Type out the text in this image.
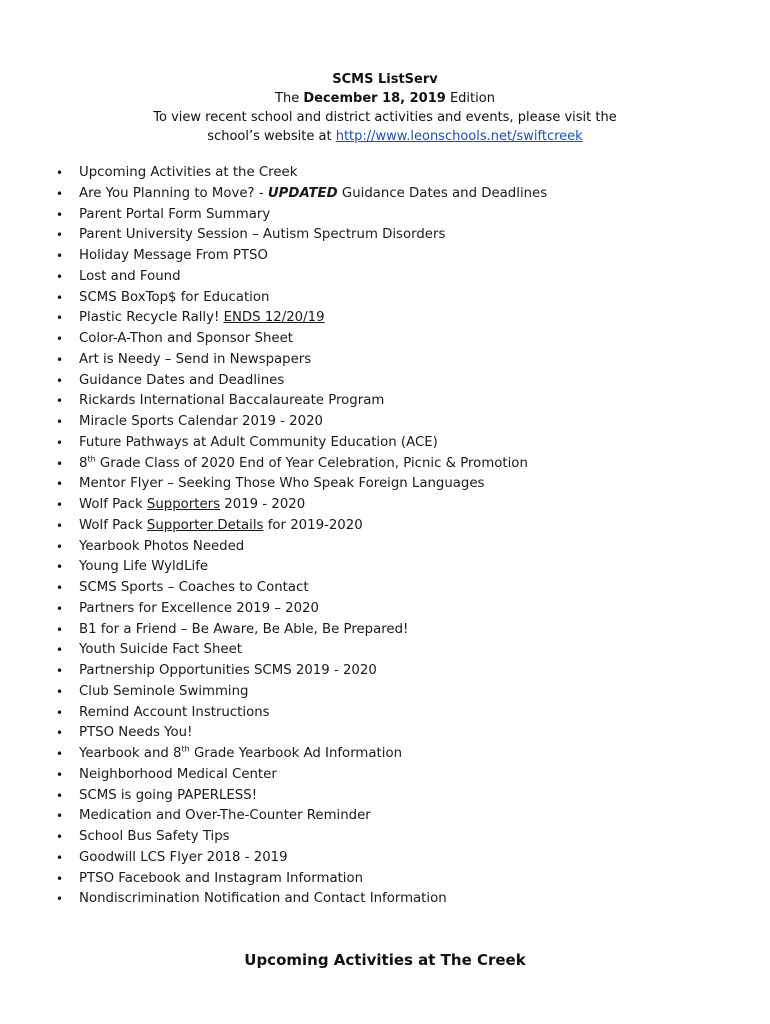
SCMS ListServ
The December 18, 2019 Edition
To view recent school and district activities and events, please visit the
school’s website at http://www.leonschools.net/swiftcreek
• Upcoming Activities at the Creek
• Are You Planning to Move? - UPDATED Guidance Dates and Deadlines
• Parent Portal Form Summary
• Parent University Session – Autism Spectrum Disorders
• Holiday Message From PTSO
• Lost and Found
• SCMS BoxTop$ for Education
• Plastic Recycle Rally! ENDS 12/20/19
• Color-A-Thon and Sponsor Sheet
• Art is Needy – Send in Newspapers
• Guidance Dates and Deadlines
• Rickards International Baccalaureate Program
• Miracle Sports Calendar 2019 - 2020
• Future Pathways at Adult Community Education (ACE)
• 8th Grade Class of 2020 End of Year Celebration, Picnic & Promotion
• Mentor Flyer – Seeking Those Who Speak Foreign Languages
• Wolf Pack Supporters 2019 - 2020
• Wolf Pack Supporter Details for 2019-2020
• Yearbook Photos Needed
• Young Life WyldLife
• SCMS Sports – Coaches to Contact
• Partners for Excellence 2019 – 2020
• B1 for a Friend – Be Aware, Be Able, Be Prepared!
• Youth Suicide Fact Sheet
• Partnership Opportunities SCMS 2019 - 2020
• Club Seminole Swimming
• Remind Account Instructions
• PTSO Needs You!
• Yearbook and 8th Grade Yearbook Ad Information
• Neighborhood Medical Center
• SCMS is going PAPERLESS!
• Medication and Over-The-Counter Reminder
• School Bus Safety Tips
• Goodwill LCS Flyer 2018 - 2019
• PTSO Facebook and Instagram Information
• Nondiscrimination Notification and Contact Information
Upcoming Activities at The Creek
